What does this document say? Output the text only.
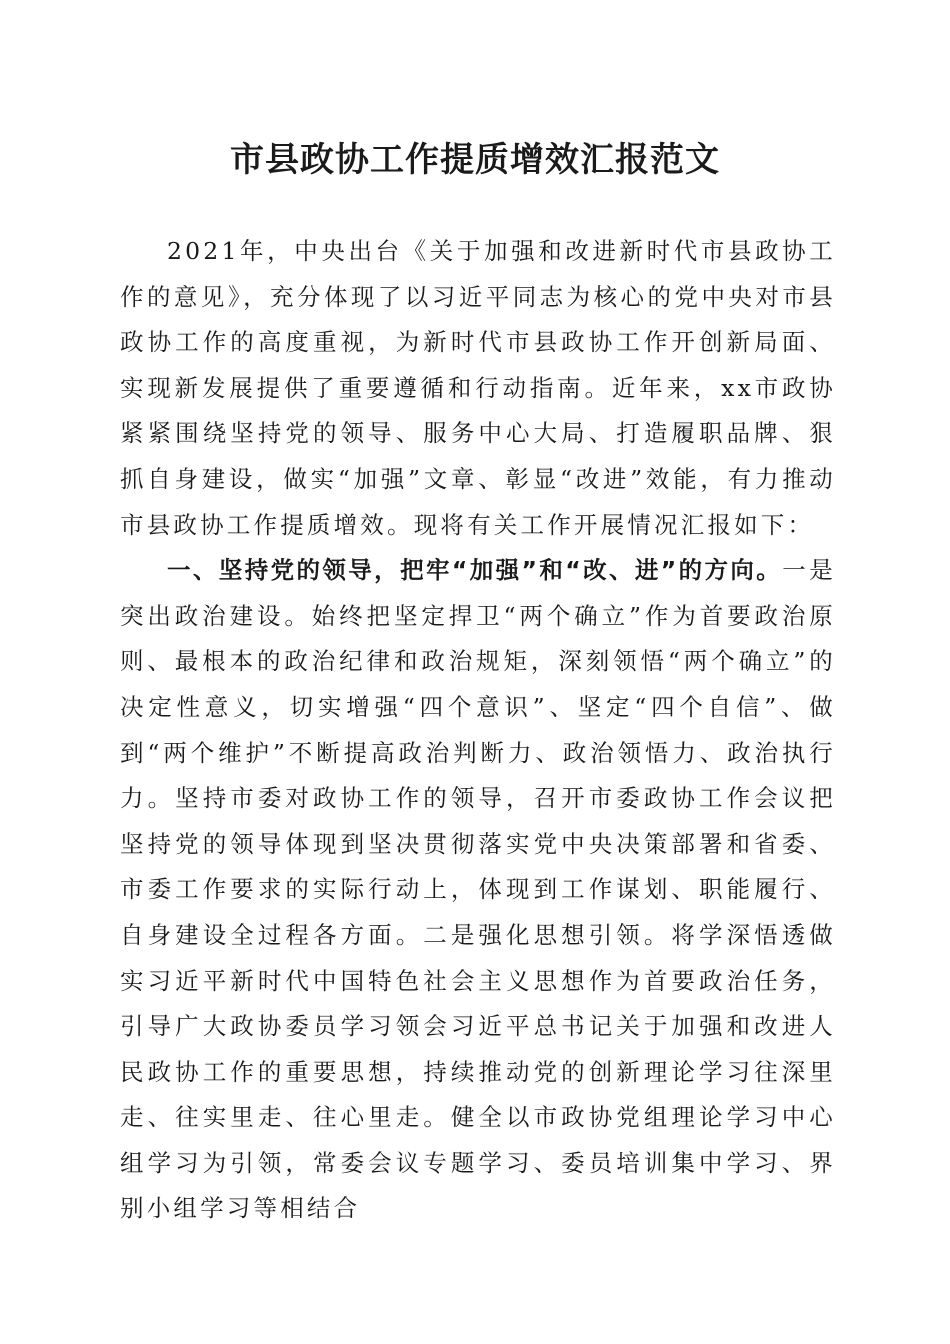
市县政协工作提质增效汇报范文

2021年，中央出台《关于加强和改进新时代市县政协工作的意见》，充分体现了以习近平同志为核心的党中央对市县政协工作的高度重视，为新时代市县政协工作开创新局面、实现新发展提供了重要遵循和行动指南。近年来，xx市政协紧紧围绕坚持党的领导、服务中心大局、打造履职品牌、狠抓自身建设，做实“加强”文章、彰显“改进”效能，有力推动市县政协工作提质增效。现将有关工作开展情况汇报如下：

一、坚持党的领导，把牢“加强”和“改、进”的方向。一是突出政治建设。始终把坚定捍卫“两个确立”作为首要政治原则、最根本的政治纪律和政治规矩，深刻领悟“两个确立”的决定性意义，切实增强“四个意识”、坚定“四个自信”、做到“两个维护”不断提高政治判断力、政治领悟力、政治执行力。坚持市委对政协工作的领导，召开市委政协工作会议把坚持党的领导体现到坚决贯彻落实党中央决策部署和省委、市委工作要求的实际行动上，体现到工作谋划、职能履行、自身建设全过程各方面。二是强化思想引领。将学深悟透做实习近平新时代中国特色社会主义思想作为首要政治任务，引导广大政协委员学习领会习近平总书记关于加强和改进人民政协工作的重要思想，持续推动党的创新理论学习往深里走、往实里走、往心里走。健全以市政协党组理论学习中心组学习为引领，常委会议专题学习、委员培训集中学习、界别小组学习等相结合
